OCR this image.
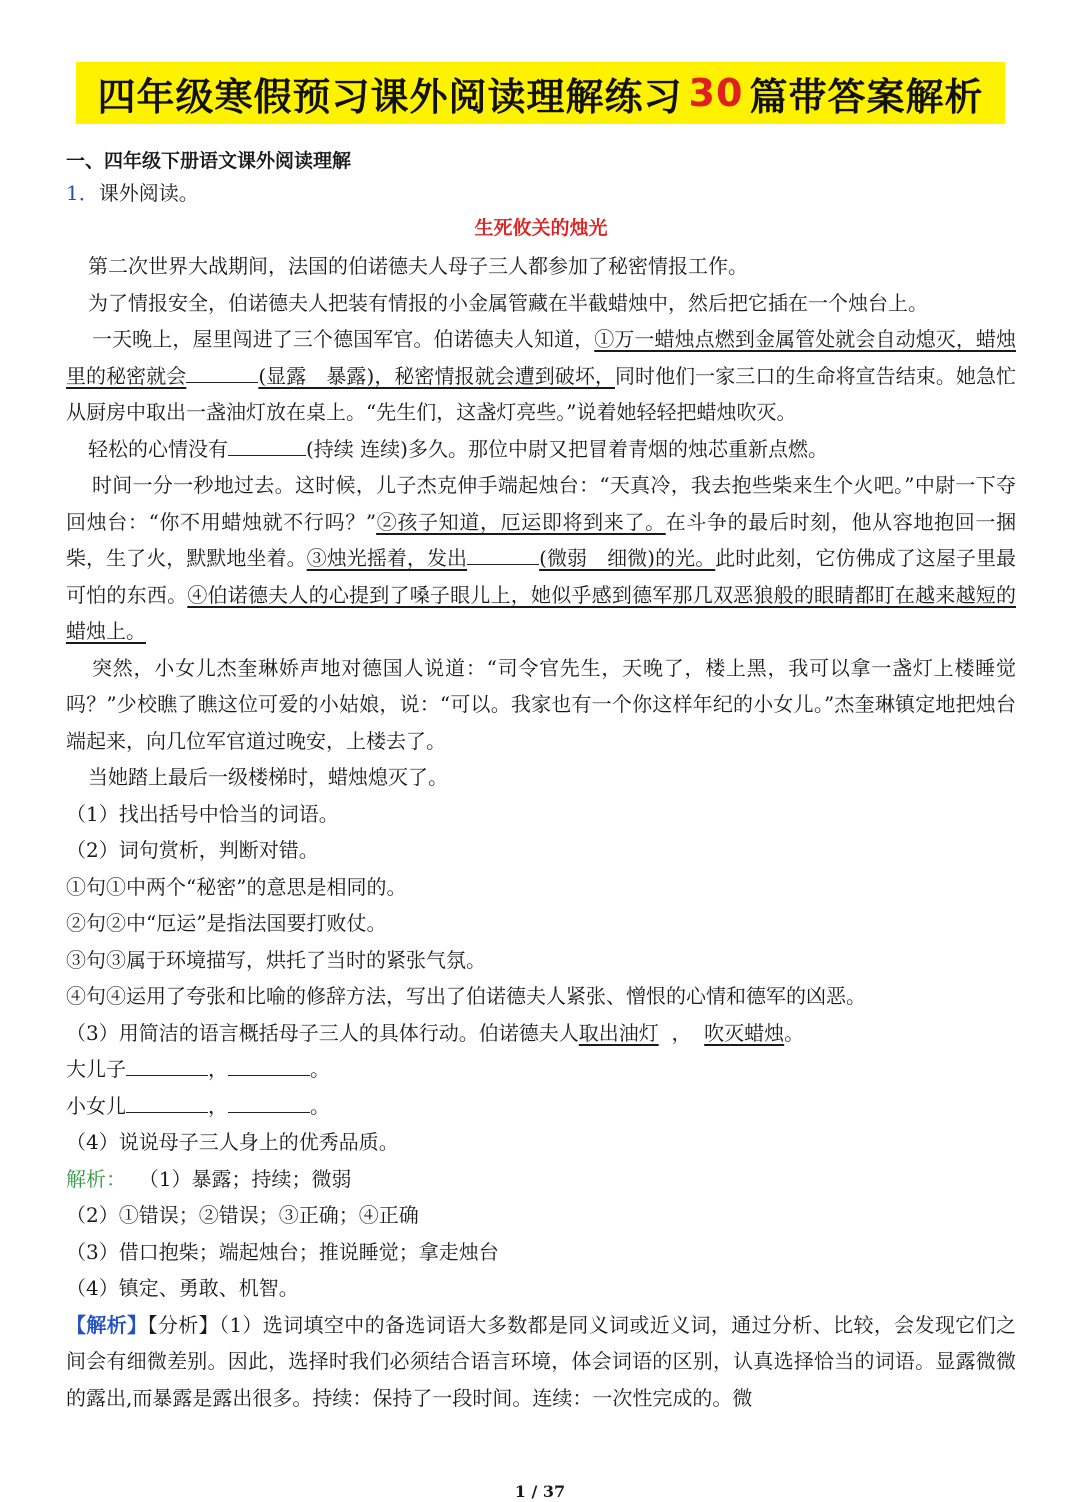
四年级寒假预习课外阅读理解练习 30 篇带答案解析
一、四年级下册语文课外阅读理解
1．课外阅读。
生死攸关的烛光
第二次世界大战期间，法国的伯诺德夫人母子三人都参加了秘密情报工作。
为了情报安全，伯诺德夫人把装有情报的小金属管藏在半截蜡烛中，然后把它插在一个烛台上。
一天晚上，屋里闯进了三个德国军官。伯诺德夫人知道，①万一蜡烛点燃到金属管处就会自动熄灭，蜡烛里的秘密就会	(显露　暴露)，秘密情报就会遭到破坏，同时他们一家三口的生命将宣告结束。她急忙从厨房中取出一盏油灯放在桌上。“先生们，这盏灯亮些。”说着她轻轻把蜡烛吹灭。
轻松的心情没有	(持续 连续)多久。那位中尉又把冒着青烟的烛芯重新点燃。
时间一分一秒地过去。这时候，儿子杰克伸手端起烛台：“天真冷，我去抱些柴来生个火吧。”中尉一下夺回烛台：“你不用蜡烛就不行吗？”②孩子知道，厄运即将到来了。在斗争的最后时刻，他从容地抱回一捆柴，生了火，默默地坐着。③烛光摇着，发出	(微弱　细微)的光。此时此刻，它仿佛成了这屋子里最可怕的东西。④伯诺德夫人的心提到了嗓子眼儿上，她似乎感到德军那几双恶狼般的眼睛都盯在越来越短的蜡烛上。
突然，小女儿杰奎琳娇声地对德国人说道：“司令官先生，天晚了，楼上黑，我可以拿一盏灯上楼睡觉吗？”少校瞧了瞧这位可爱的小姑娘，说：“可以。我家也有一个你这样年纪的小女儿。”杰奎琳镇定地把烛台端起来，向几位军官道过晚安，上楼去了。
当她踏上最后一级楼梯时，蜡烛熄灭了。
（1）找出括号中恰当的词语。
（2）词句赏析，判断对错。
①句①中两个“秘密”的意思是相同的。
②句②中“厄运”是指法国要打败仗。
③句③属于环境描写，烘托了当时的紧张气氛。
④句④运用了夸张和比喻的修辞方法，写出了伯诺德夫人紧张、憎恨的心情和德军的凶恶。
（3）用简洁的语言概括母子三人的具体行动。伯诺德夫人取出油灯 ， 吹灭蜡烛。
大儿子	，	。
小女儿	，	。
（4）说说母子三人身上的优秀品质。
解析： （1）暴露；持续；微弱
（2）①错误；②错误；③正确；④正确
（3）借口抱柴；端起烛台；推说睡觉；拿走烛台
（4）镇定、勇敢、机智。
【解析】【分析】（1）选词填空中的备选词语大多数都是同义词或近义词，通过分析、比较，会发现它们之间会有细微差别。因此，选择时我们必须结合语言环境，体会词语的区别，认真选择恰当的词语。显露微微的露出,而暴露是露出很多。持续：保持了一段时间。连续：一次性完成的。微
1 / 37
